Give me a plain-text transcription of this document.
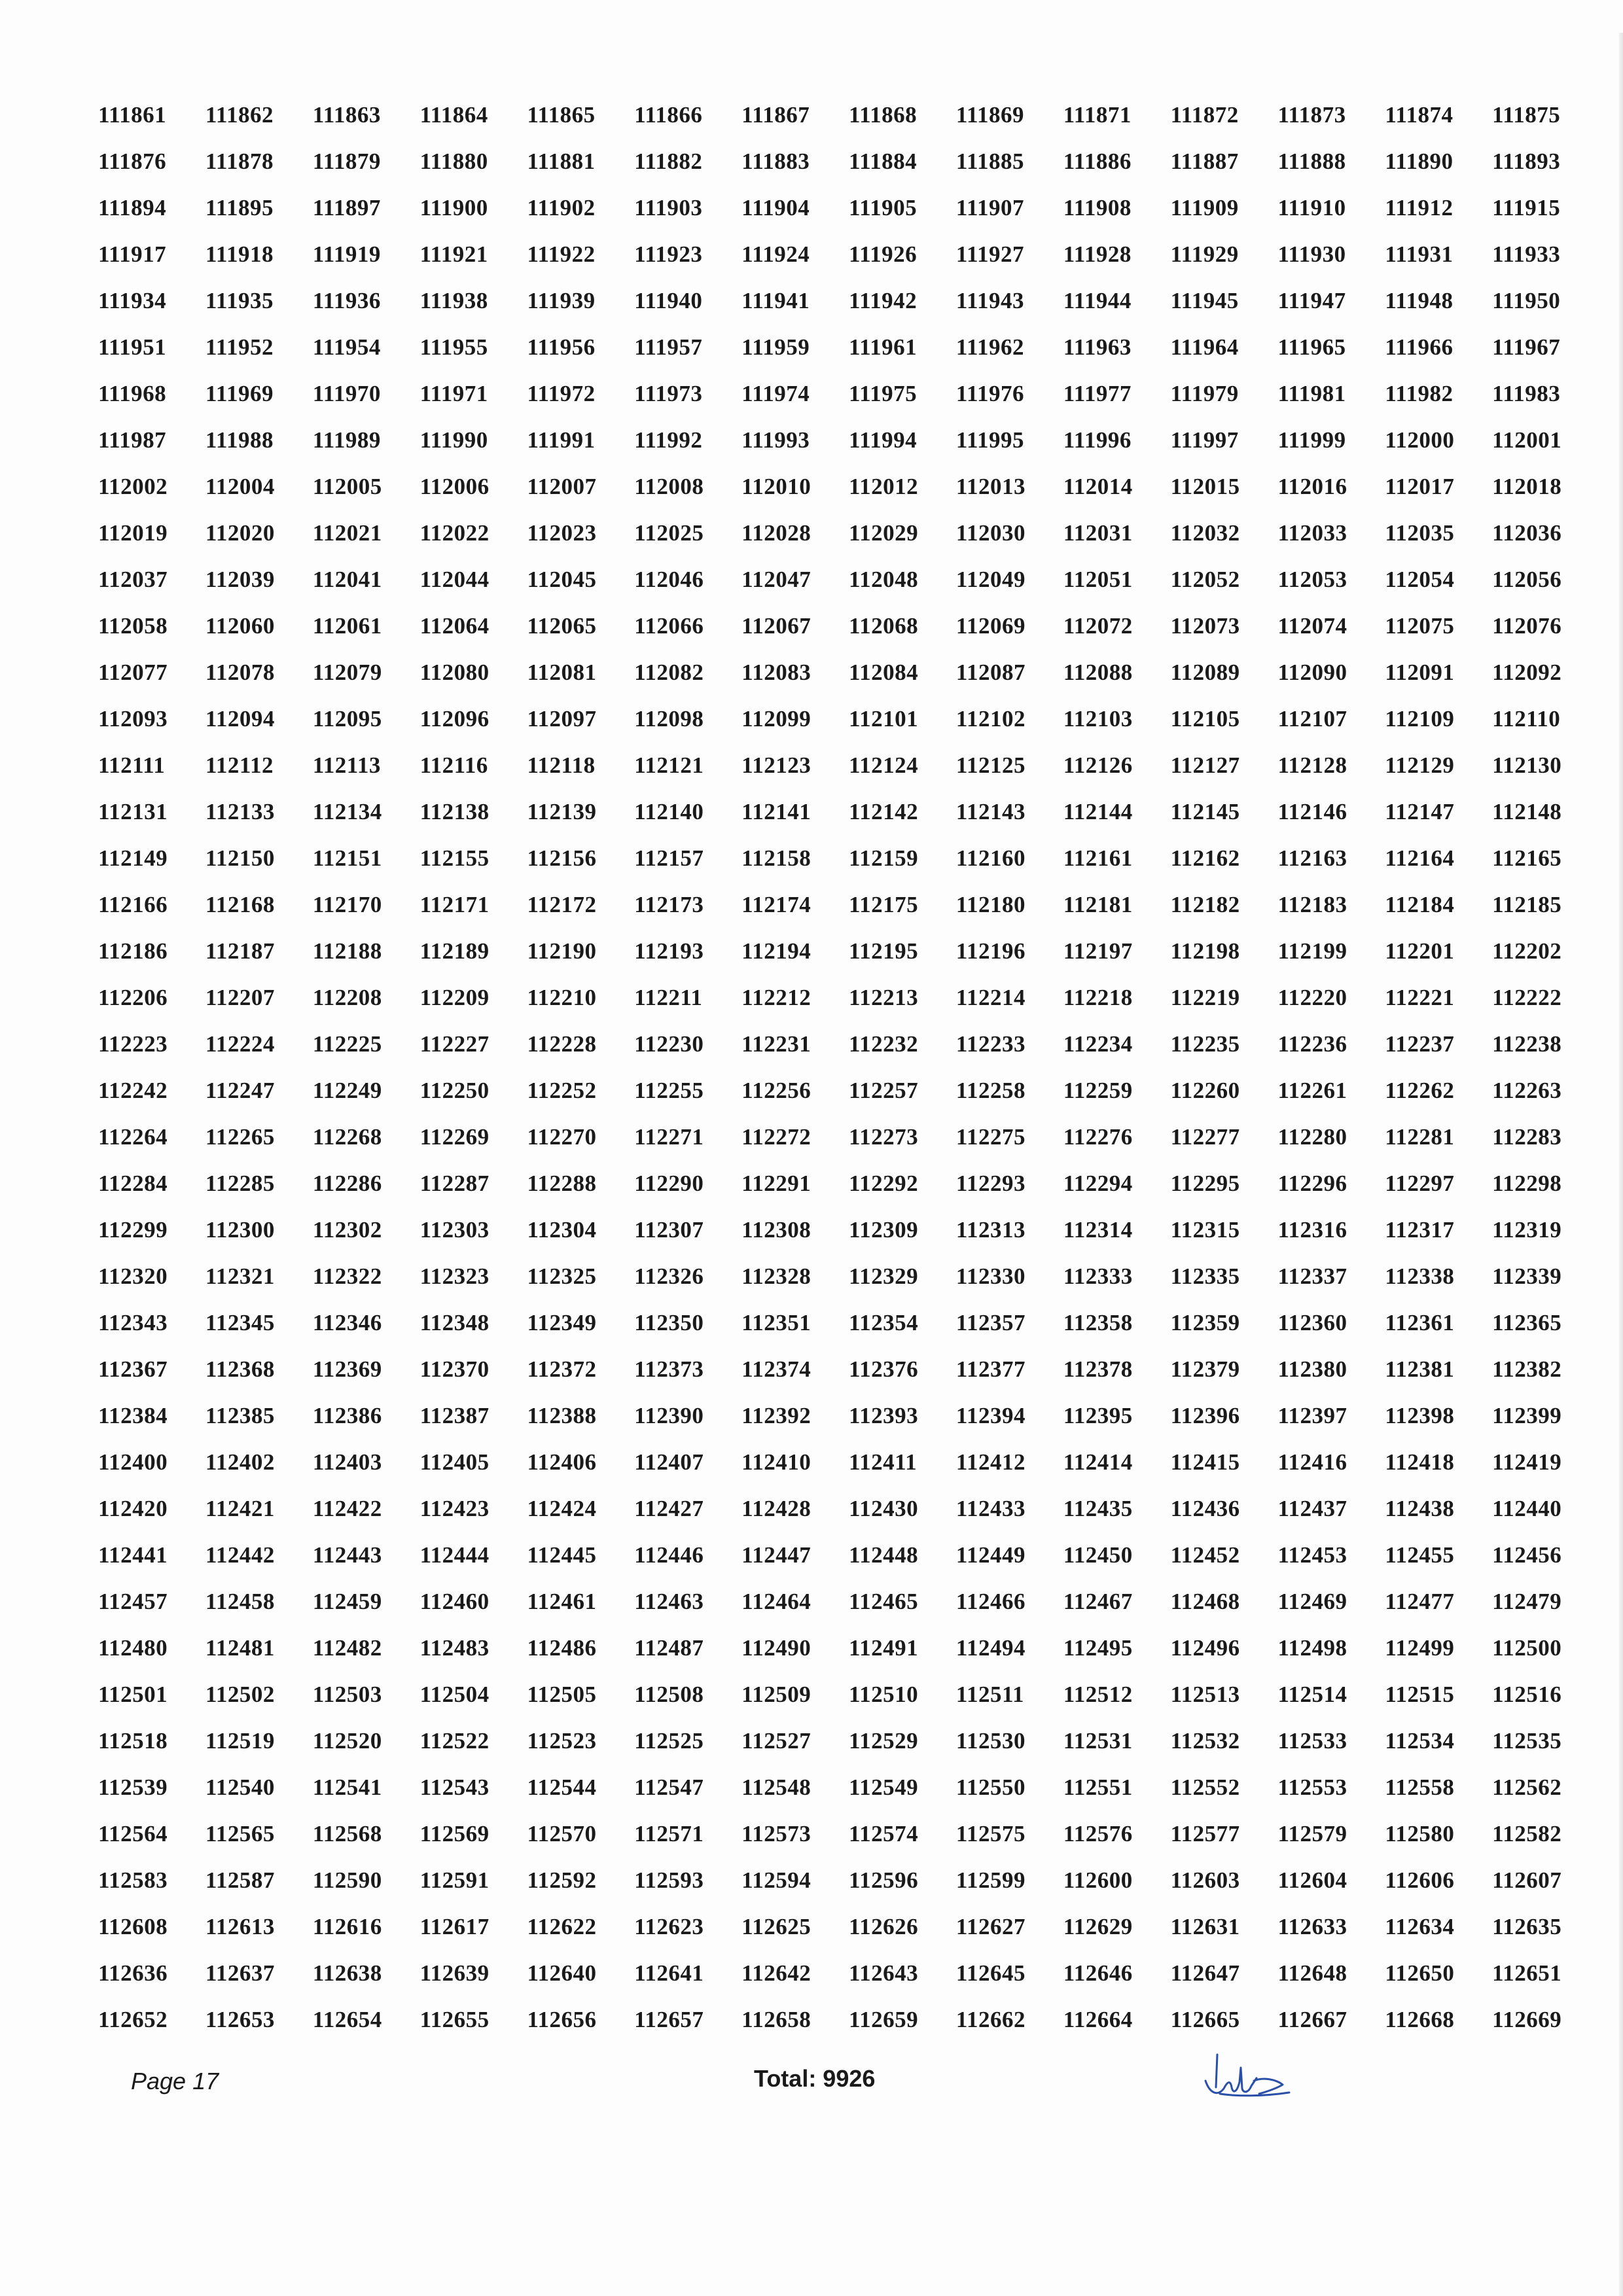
111861	111862	111863	111864	111865	111866	111867	111868	111869	111871	111872	111873	111874	111875
111876	111878	111879	111880	111881	111882	111883	111884	111885	111886	111887	111888	111890	111893
111894	111895	111897	111900	111902	111903	111904	111905	111907	111908	111909	111910	111912	111915
111917	111918	111919	111921	111922	111923	111924	111926	111927	111928	111929	111930	111931	111933
111934	111935	111936	111938	111939	111940	111941	111942	111943	111944	111945	111947	111948	111950
111951	111952	111954	111955	111956	111957	111959	111961	111962	111963	111964	111965	111966	111967
111968	111969	111970	111971	111972	111973	111974	111975	111976	111977	111979	111981	111982	111983
111987	111988	111989	111990	111991	111992	111993	111994	111995	111996	111997	111999	112000	112001
112002	112004	112005	112006	112007	112008	112010	112012	112013	112014	112015	112016	112017	112018
112019	112020	112021	112022	112023	112025	112028	112029	112030	112031	112032	112033	112035	112036
112037	112039	112041	112044	112045	112046	112047	112048	112049	112051	112052	112053	112054	112056
112058	112060	112061	112064	112065	112066	112067	112068	112069	112072	112073	112074	112075	112076
112077	112078	112079	112080	112081	112082	112083	112084	112087	112088	112089	112090	112091	112092
112093	112094	112095	112096	112097	112098	112099	112101	112102	112103	112105	112107	112109	112110
112111	112112	112113	112116	112118	112121	112123	112124	112125	112126	112127	112128	112129	112130
112131	112133	112134	112138	112139	112140	112141	112142	112143	112144	112145	112146	112147	112148
112149	112150	112151	112155	112156	112157	112158	112159	112160	112161	112162	112163	112164	112165
112166	112168	112170	112171	112172	112173	112174	112175	112180	112181	112182	112183	112184	112185
112186	112187	112188	112189	112190	112193	112194	112195	112196	112197	112198	112199	112201	112202
112206	112207	112208	112209	112210	112211	112212	112213	112214	112218	112219	112220	112221	112222
112223	112224	112225	112227	112228	112230	112231	112232	112233	112234	112235	112236	112237	112238
112242	112247	112249	112250	112252	112255	112256	112257	112258	112259	112260	112261	112262	112263
112264	112265	112268	112269	112270	112271	112272	112273	112275	112276	112277	112280	112281	112283
112284	112285	112286	112287	112288	112290	112291	112292	112293	112294	112295	112296	112297	112298
112299	112300	112302	112303	112304	112307	112308	112309	112313	112314	112315	112316	112317	112319
112320	112321	112322	112323	112325	112326	112328	112329	112330	112333	112335	112337	112338	112339
112343	112345	112346	112348	112349	112350	112351	112354	112357	112358	112359	112360	112361	112365
112367	112368	112369	112370	112372	112373	112374	112376	112377	112378	112379	112380	112381	112382
112384	112385	112386	112387	112388	112390	112392	112393	112394	112395	112396	112397	112398	112399
112400	112402	112403	112405	112406	112407	112410	112411	112412	112414	112415	112416	112418	112419
112420	112421	112422	112423	112424	112427	112428	112430	112433	112435	112436	112437	112438	112440
112441	112442	112443	112444	112445	112446	112447	112448	112449	112450	112452	112453	112455	112456
112457	112458	112459	112460	112461	112463	112464	112465	112466	112467	112468	112469	112477	112479
112480	112481	112482	112483	112486	112487	112490	112491	112494	112495	112496	112498	112499	112500
112501	112502	112503	112504	112505	112508	112509	112510	112511	112512	112513	112514	112515	112516
112518	112519	112520	112522	112523	112525	112527	112529	112530	112531	112532	112533	112534	112535
112539	112540	112541	112543	112544	112547	112548	112549	112550	112551	112552	112553	112558	112562
112564	112565	112568	112569	112570	112571	112573	112574	112575	112576	112577	112579	112580	112582
112583	112587	112590	112591	112592	112593	112594	112596	112599	112600	112603	112604	112606	112607
112608	112613	112616	112617	112622	112623	112625	112626	112627	112629	112631	112633	112634	112635
112636	112637	112638	112639	112640	112641	112642	112643	112645	112646	112647	112648	112650	112651
112652	112653	112654	112655	112656	112657	112658	112659	112662	112664	112665	112667	112668	112669
Page 17	Total: 9926
